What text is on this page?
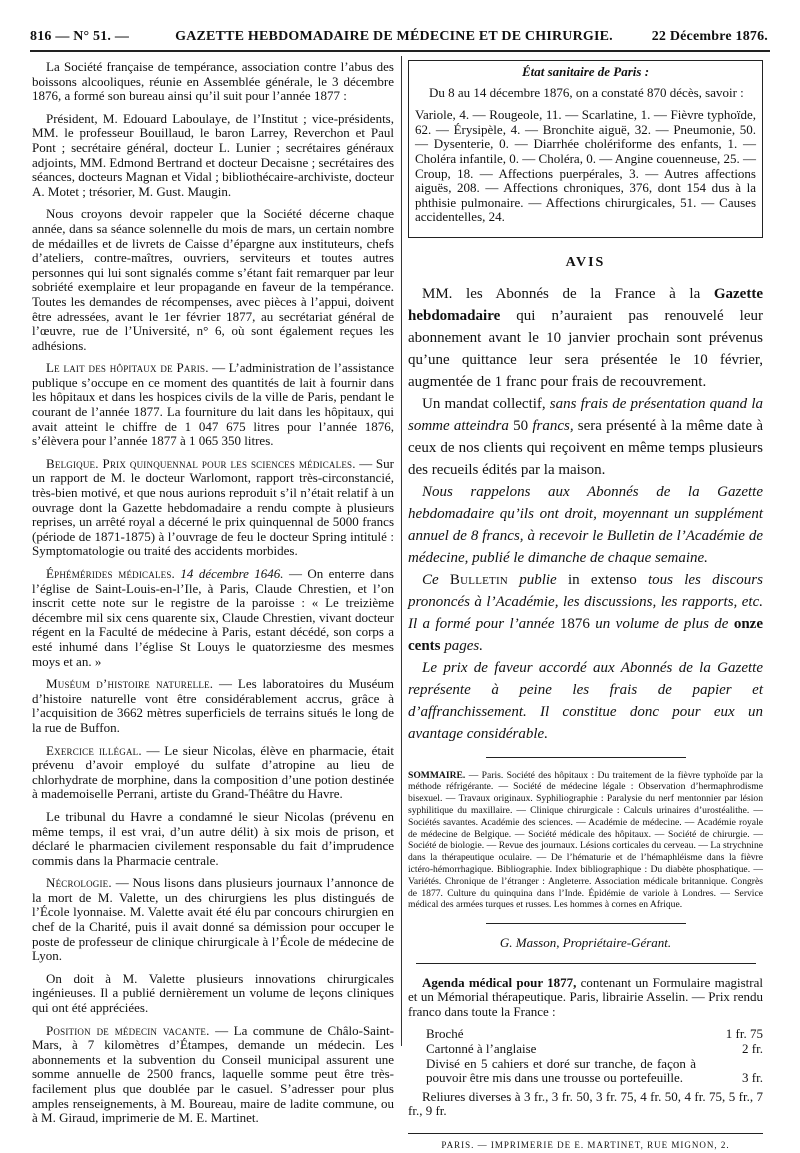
816 — N° 51. —	GAZETTE HEBDOMADAIRE DE MÉDECINE ET DE CHIRURGIE.	22 Décembre 1876.

La Société française de tempérance, association contre l’abus des boissons alcooliques, réunie en Assemblée générale, le 3 décembre 1876, a formé son bureau ainsi qu’il suit pour l’année 1877 :

Président, M. Edouard Laboulaye, de l’Institut ; vice-présidents, MM. le professeur Bouillaud, le baron Larrey, Reverchon et Paul Pont ; secrétaire général, docteur L. Lunier ; secrétaires généraux adjoints, MM. Edmond Bertrand et docteur Decaisne ; secrétaires des séances, docteurs Magnan et Vidal ; bibliothécaire-archiviste, docteur A. Motet ; trésorier, M. Gust. Maugin.

Nous croyons devoir rappeler que la Société décerne chaque année, dans sa séance solennelle du mois de mars, un certain nombre de médailles et de livrets de Caisse d’épargne aux instituteurs, chefs d’ateliers, contre-maîtres, ouvriers, serviteurs et toutes autres personnes qui lui sont signalés comme s’étant fait remarquer par leur sobriété exemplaire et leur propagande en faveur de la tempérance. Toutes les demandes de récompenses, avec pièces à l’appui, doivent être adressées, avant le 1er février 1877, au secrétariat général de l’œuvre, rue de l’Université, n° 6, où sont également reçues les adhésions.

Le lait des hôpitaux de Paris. — L’administration de l’assistance publique s’occupe en ce moment des quantités de lait à fournir dans les hôpitaux et dans les hospices civils de la ville de Paris, pendant le courant de l’année 1877. La fourniture du lait dans les hôpitaux, qui avait atteint le chiffre de 1 047 675 litres pour l’année 1876, s’élèvera pour l’année 1877 à 1 065 350 litres.

Belgique. Prix quinquennal pour les sciences médicales. — Sur un rapport de M. le docteur Warlomont, rapport très-circonstancié, très-bien motivé, et que nous aurions reproduit s’il n’était relatif à un ouvrage dont la Gazette hebdomadaire a rendu compte à plusieurs reprises, un arrêté royal a décerné le prix quinquennal de 5000 francs (période de 1871-1875) à l’ouvrage de feu le docteur Spring intitulé : Symptomatologie ou traité des accidents morbides.

Éphémérides médicales. 14 décembre 1646. — On enterre dans l’église de Saint-Louis-en-l’Ile, à Paris, Claude Chrestien, et l’on inscrit cette note sur le registre de la paroisse : « Le treizième décembre mil six cens quarente six, Claude Chrestien, vivant docteur régent en la Faculté de médecine à Paris, estant décédé, son corps a esté inhumé dans l’église St Louys le quatorziesme des mesmes moys et an. »

Muséum d’histoire naturelle. — Les laboratoires du Muséum d’histoire naturelle vont être considérablement accrus, grâce à l’acquisition de 3662 mètres superficiels de terrains situés le long de la rue de Buffon.

Exercice illégal. — Le sieur Nicolas, élève en pharmacie, était prévenu d’avoir employé du sulfate d’atropine au lieu de chlorhydrate de morphine, dans la composition d’une potion destinée à mademoiselle Perrani, artiste du Grand-Théâtre du Havre.

Le tribunal du Havre a condamné le sieur Nicolas (prévenu en même temps, il est vrai, d’un autre délit) à six mois de prison, et déclaré le pharmacien civilement responsable du fait d’imprudence commis dans la Pharmacie centrale.

Nécrologie. — Nous lisons dans plusieurs journaux l’annonce de la mort de M. Valette, un des chirurgiens les plus distingués de l’École lyonnaise. M. Valette avait été élu par concours chirurgien en chef de la Charité, puis il avait donné sa démission pour occuper le poste de professeur de clinique chirurgicale à l’École de médecine de Lyon.

On doit à M. Valette plusieurs innovations chirurgicales ingénieuses. Il a publié dernièrement un volume de leçons cliniques qui ont été appréciées.

Position de médecin vacante. — La commune de Châlo-Saint-Mars, à 7 kilomètres d’Étampes, demande un médecin. Les abonnements et la subvention du Conseil municipal assurent une somme annuelle de 2500 francs, laquelle somme peut être très-facilement plus que doublée par le casuel. S’adresser pour plus amples renseignements, à M. Boureau, maire de ladite commune, ou à M. Giraud, imprimerie de M. E. Martinet.

État sanitaire de Paris :

Du 8 au 14 décembre 1876, on a constaté 870 décès, savoir :

Variole, 4. — Rougeole, 11. — Scarlatine, 1. — Fièvre typhoïde, 62. — Érysipèle, 4. — Bronchite aiguë, 32. — Pneumonie, 50. — Dysenterie, 0. — Diarrhée cholériforme des enfants, 1. — Choléra infantile, 0. — Choléra, 0. — Angine couenneuse, 25. — Croup, 18. — Affections puerpérales, 3. — Autres affections aiguës, 208. — Affections chroniques, 376, dont 154 dus à la phthisie pulmonaire. — Affections chirurgicales, 51. — Causes accidentelles, 24.

AVIS

MM. les Abonnés de la France à la Gazette hebdomadaire qui n’auraient pas renouvelé leur abonnement avant le 10 janvier prochain sont prévenus qu’une quittance leur sera présentée le 10 février, augmentée de 1 franc pour frais de recouvrement.

Un mandat collectif, sans frais de présentation quand la somme atteindra 50 francs, sera présenté à la même date à ceux de nos clients qui reçoivent en même temps plusieurs des recueils édités par la maison.

Nous rappelons aux Abonnés de la Gazette hebdomadaire qu’ils ont droit, moyennant un supplément annuel de 8 francs, à recevoir le Bulletin de l’Académie de médecine, publié le dimanche de chaque semaine.

Ce Bulletin publie in extenso tous les discours prononcés à l’Académie, les discussions, les rapports, etc. Il a formé pour l’année 1876 un volume de plus de onze cents pages.

Le prix de faveur accordé aux Abonnés de la Gazette représente à peine les frais de papier et d’affranchissement. Il constitue donc pour eux un avantage considérable.

SOMMAIRE. — Paris. Société des hôpitaux : Du traitement de la fièvre typhoïde par la méthode réfrigérante. — Société de médecine légale : Observation d’hermaphrodisme bisexuel. — Travaux originaux. Syphiliographie : Paralysie du nerf mentonnier par lésion syphilitique du maxillaire. — Clinique chirurgicale : Calculs urinaires d’urostéalithe. — Sociétés savantes. Académie des sciences. — Académie de médecine. — Académie royale de médecine de Belgique. — Société médicale des hôpitaux. — Société de chirurgie. — Société de biologie. — Revue des journaux. Lésions corticales du cerveau. — La strychnine dans la thérapeutique oculaire. — De l’hématurie et de l’hémaphléisme dans la fièvre ictéro-hémorrhagique. Bibliographie. Index bibliographique : Du diabète phosphatique. — Variétés. Chronique de l’étranger : Angleterre. Association médicale britannique. Congrès de 1877. Culture du quinquina dans l’Inde. Épidémie de variole à Londres. — Service médical des armées turques et russes. Les hommes à cornes en Afrique.
G. Masson, Propriétaire-Gérant.

Agenda médical pour 1877, contenant un Formulaire magistral et un Mémorial thérapeutique. Paris, librairie Asselin. — Prix rendu franco dans toute la France :

Broché	1 fr. 75
Cartonné à l’anglaise	2 fr.
Divisé en 5 cahiers et doré sur tranche, de façon à pouvoir être mis dans une trousse ou portefeuille.	3 fr.

Reliures diverses à 3 fr., 3 fr. 50, 3 fr. 75, 4 fr. 50, 4 fr. 75, 5 fr., 7 fr., 9 fr.

PARIS. — IMPRIMERIE DE E. MARTINET, RUE MIGNON, 2.
